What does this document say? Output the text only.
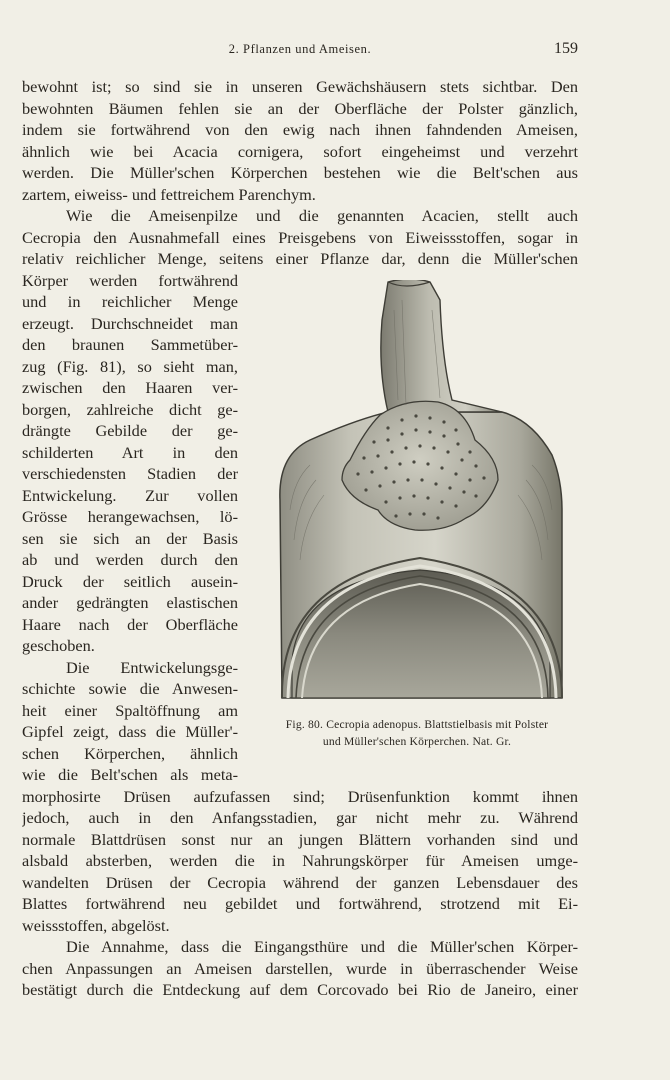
2. Pflanzen und Ameisen.	159
bewohnt ist; so sind sie in unseren Gewächshäusern stets sichtbar. Den
bewohnten Bäumen fehlen sie an der Oberfläche der Polster gänzlich,
indem sie fortwährend von den ewig nach ihnen fahndenden Ameisen,
ähnlich wie bei Acacia cornigera, sofort eingeheimst und verzehrt
werden. Die Müller'schen Körperchen bestehen wie die Belt'schen aus
zartem, eiweiss- und fettreichem Parenchym.
Wie die Ameisenpilze und die genannten Acacien, stellt auch
Cecropia den Ausnahmefall eines Preisgebens von Eiweissstoffen, sogar in
relativ reichlicher Menge, seitens einer Pflanze dar, denn die Müller'schen
Körper werden fortwährend
und in reichlicher Menge
erzeugt. Durchschneidet man
den braunen Sammetüber-
zug (Fig. 81), so sieht man,
zwischen den Haaren ver-
borgen, zahlreiche dicht ge-
drängte Gebilde der ge-
schilderten Art in den
verschiedensten Stadien der
Entwickelung. Zur vollen
Grösse herangewachsen, lö-
sen sie sich an der Basis
ab und werden durch den
Druck der seitlich ausein-
ander gedrängten elastischen
Haare nach der Oberfläche
geschoben.
Die Entwickelungsge-
schichte sowie die Anwesen-
heit einer Spaltöffnung am
Gipfel zeigt, dass die Müller'-
schen Körperchen, ähnlich
wie die Belt'schen als meta-
morphosirte Drüsen aufzufassen sind; Drüsenfunktion kommt ihnen
jedoch, auch in den Anfangsstadien, gar nicht mehr zu. Während
normale Blattdrüsen sonst nur an jungen Blättern vorhanden sind und
alsbald absterben, werden die in Nahrungskörper für Ameisen umge-
wandelten Drüsen der Cecropia während der ganzen Lebensdauer des
Blattes fortwährend neu gebildet und fortwährend, strotzend mit Ei-
weissstoffen, abgelöst.
Die Annahme, dass die Eingangsthüre und die Müller'schen Körper-
chen Anpassungen an Ameisen darstellen, wurde in überraschender Weise
bestätigt durch die Entdeckung auf dem Corcovado bei Rio de Janeiro, einer
Fig. 80. Cecropia adenopus. Blattstielbasis mit Polster
und Müller'schen Körperchen. Nat. Gr.
